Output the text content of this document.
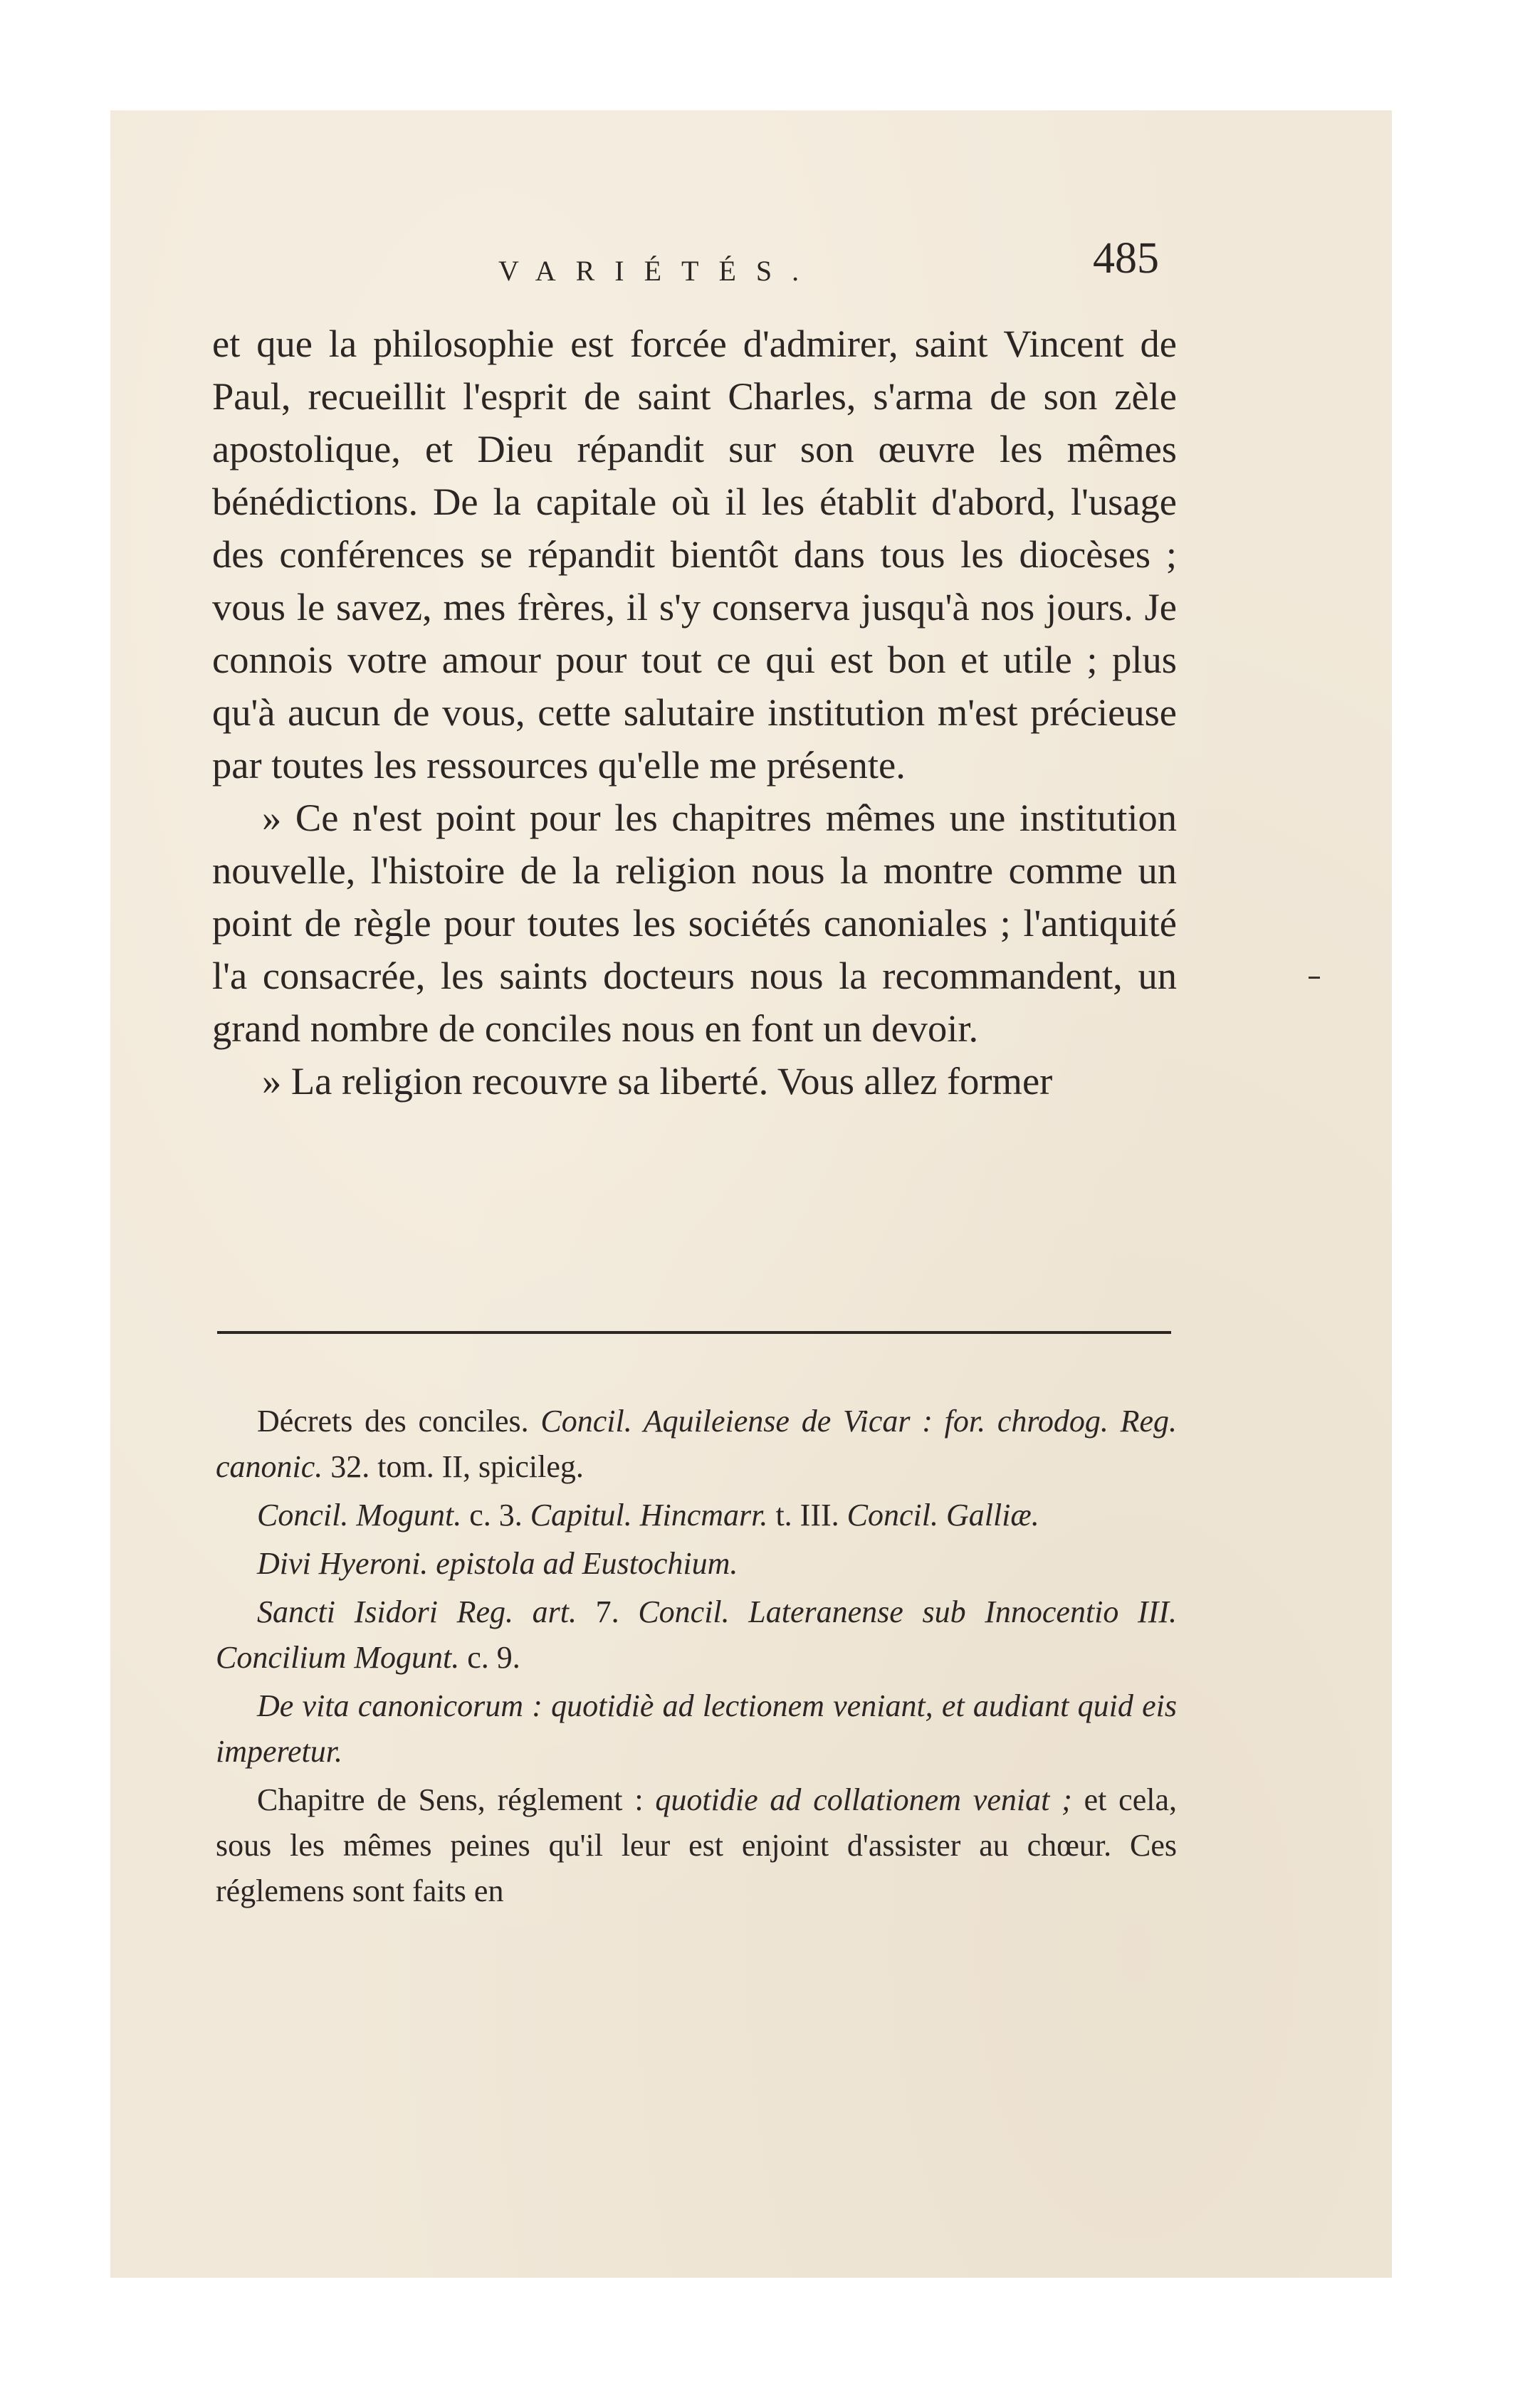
VARIÉTÉS.	485

et que la philosophie est forcée d'admirer, saint Vincent de Paul, recueillit l'esprit de saint Charles, s'arma de son zèle apostolique, et Dieu répandit sur son œuvre les mêmes bénédictions. De la capitale où il les établit d'abord, l'usage des conférences se répandit bientôt dans tous les diocèses ; vous le savez, mes frères, il s'y conserva jusqu'à nos jours. Je connois votre amour pour tout ce qui est bon et utile ; plus qu'à aucun de vous, cette salutaire institution m'est précieuse par toutes les ressources qu'elle me présente.

» Ce n'est point pour les chapitres mêmes une institution nouvelle, l'histoire de la religion nous la montre comme un point de règle pour toutes les sociétés canoniales ; l'antiquité l'a consacrée, les saints docteurs nous la recommandent, un grand nombre de conciles nous en font un devoir.

» La religion recouvre sa liberté. Vous allez former

Décrets des conciles. Concil. Aquileiense de Vicar : for. chrodog. Reg. canonic. 32. tom. II, spicileg.

Concil. Mogunt. c. 3. Capitul. Hincmarr. t. III. Concil. Galliæ.

Divi Hyeroni. epistola ad Eustochium.

Sancti Isidori Reg. art. 7. Concil. Lateranense sub Innocentio III. Concilium Mogunt. c. 9.

De vita canonicorum : quotidiè ad lectionem veniant, et audiant quid eis imperetur.

Chapitre de Sens, réglement : quotidie ad collationem veniat ; et cela, sous les mêmes peines qu'il leur est enjoint d'assister au chœur. Ces réglemens sont faits en
